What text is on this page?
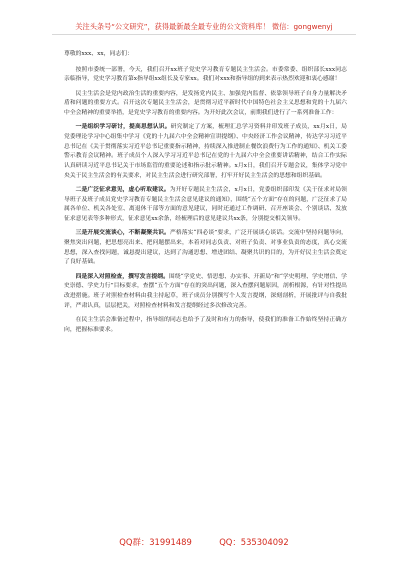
关注头条号“公文研究”，获得最新最全最专业的公文资料库！ 微信：gongwenyj

尊敬的xxx、xx，同志们：

按照市委统一部署，今天，我们召开xx班子党史学习教育专题民主生活会。市委常委、组织部长xxx同志亲临指导，党史学习教育第x指导组xx组长及专家xx。我们对xxx和指导组的到来表示热烈欢迎和衷心感谢！

民主生活会是党内政治生活的重要内容，是发扬党内民主、加强党内监督、依靠领导班子自身力量解决矛盾和问题的重要方式。召开这次专题民主生活会，是贯彻习近平新时代中国特色社会主义思想和党的十九届六中全会精神的重要举措，是党史学习教育的重要内容。为开好此次会议，前期我们进行了一系列准备工作：

一是组织学习研讨，提高思想认识。研究制定了方案，梳理汇总学习资料并印发班子成员，xx月x日，局党委理论学习中心组集中学习《党的十九届六中全会精神宣讲提纲》、中央经济工作会议精神，传达学习习近平总书记在《关于贯彻落实习近平总书记重要指示精神，持续深入推进制止餐饮浪费行为工作的通知》、机关工委警示教育会议精神。班子成员个人深入学习习近平总书记在党的十九届六中全会重要讲话精神，结合工作实际认真研读习近平总书记关于市场监管的重要论述和指示批示精神。x月x日，我们召开专题会议，集体学习党中央关于民主生活会的有关要求，对民主生活会进行研究部署，打牢开好民主生活会的思想和组织基础。

二是广泛征求意见，虚心听取建议。为开好专题民主生活会，x月x日，党委组织部印发《关于征求对局领导班子及班子成员党史学习教育专题民主生活会意见建议的通知》，围绕“五个方面”存在的问题，广泛征求了局属各单位、机关各处室、离退休干部等方面的意见建议，同时还通过工作调研、召开座谈会、个别谈话、发放征求意见表等多种形式，征求意见xx余条，经梳理后的意见建议共xx条，分别提交相关领导。

三是开展交流谈心，不断凝聚共识。严格落实“四必谈”要求，广泛开展谈心谈话。交流中坚持问题导向，聚焦突出问题，把思想亮出来、把问题摆出来，本着对同志负责、对班子负责、对事业负责的态度，真心交流思想，深入查找问题，诚恳提出建议，达到了沟通思想、增进团结、凝聚共识的目的，为开好民主生活会奠定了良好基础。

四是深入对照检查，撰写发言提纲。围绕“学党史、悟思想、办实事、开新局”和“学史明理、学史增信、学史崇德、学史力行”目标要求，查摆“五个方面”存在的突出问题，深入查摆问题原因，剖析根源，有针对性提出改进措施。班子对照检查材料由我主持起草，班子成员分别撰写个人发言提纲，深刻剖析，开展批评与自我批评，严肃认真，层层把关，对照检查材料和发言提纲经过多次修改完善。

在民主生活会准备过程中，指导组的同志也给予了及时和有力的指导，使我们的准备工作始终坚持正确方向，把握标准要求。

QQ群：31991489	QQ：535304092
